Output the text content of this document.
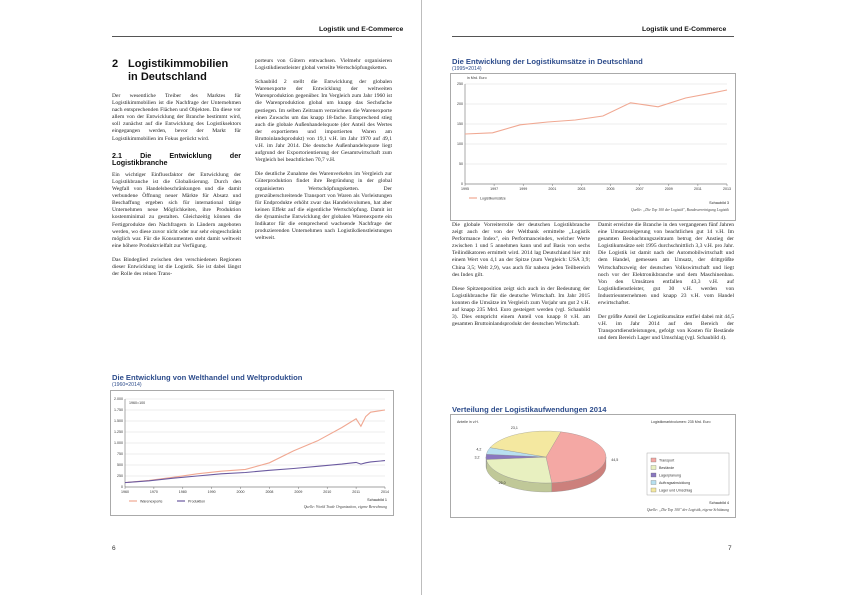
Logistik und E-Commerce
2 Logistikimmobilien in Deutschland

Der wesentliche Treiber des Marktes für Logistikimmobilien ist die Nachfrage der Unternehmen nach entsprechenden Flächen und Objekten. Da diese vor allem von der Entwicklung der Branche bestimmt wird, soll zunächst auf die Entwicklung des Logistiksektors eingegangen werden, bevor der Markt für Logistikimmobilien im Fokus gerückt wird.

2.1 Die Entwicklung der Logistikbranche

Ein wichtiger Einflussfaktor der Entwicklung der Logistikbranche ist die Globalisierung. Durch den Wegfall von Handelsbeschränkungen und die damit verbundene Öffnung neuer Märkte für Absatz und Beschaffung ergeben sich für international tätige Unternehmen neue Möglichkeiten, ihre Produktion kostenminimal zu gestalten. Gleichzeitig können die Fertigprodukte den Nachfragern in Ländern angeboten werden, wo diese zuvor nicht oder nur sehr eingeschränkt möglich war. Für die Konsumenten steht damit weltweit eine höhere Produktvielfalt zur Verfügung.

Das Bindeglied zwischen den verschiedenen Regionen dieser Entwicklung ist die Logistik. Sie ist dabei längst der Rolle des reinen Trans-

porteurs von Gütern entwachsen. Vielmehr organisieren Logistikdienstleister global verteilte Wertschöpfungsketten.

Schaubild 2 stellt die Entwicklung der globalen Warenexporte der Entwicklung der weltweiten Warenproduktion gegenüber. Im Vergleich zum Jahr 1960 ist die Warenproduktion global um knapp das Sechsfache gestiegen. Im selben Zeitraum verzeichnen die Warenexporte einen Zuwachs um das knapp 18-fache. Entsprechend stieg auch die globale Außenhandelsquote (der Anteil des Wertes der exportierten und importierten Waren am Bruttoinlandsprodukt) von 19,1 v.H. im Jahr 1970 auf 49,1 v.H. im Jahr 2014. Die deutsche Außenhandelsquote liegt aufgrund der Exportorientierung der Gesamtwirtschaft zum Vergleich bei beachtlichen 70,7 v.H.

Die deutliche Zunahme des Warenverkehrs im Vergleich zur Güterproduktion findet ihre Begründung in der global organisierten Wertschöpfungsketten. Der grenzüberschreitende Transport von Waren als Vorleistungen für Endprodukte erhöht zwar das Handelsvolumen, hat aber keinen Effekt auf die eigentliche Wertschöpfung. Damit ist die dynamische Entwicklung der globalen Warenexporte ein Indikator für die entsprechend wachsende Nachfrage der produzierenden Unternehmen nach Logistikdienstleistungen weltweit.

Die Entwicklung von Welthandel und Weltproduktion
(1960=2014)
0
250
500
750
1.000
1.250
1.500
1.750
2.000
1960	1970	1980	1990	2000	2008	2009	2010	2011	2014
Warenexporte	Produktion
1960=100
Schaubild 1
Quelle: World Trade Organization, eigene Berechnung
6
Logistik und E-Commerce
Die Entwicklung der Logistikumsätze in Deutschland
(1995=2014)
0
50
100
150
200
250
1995	1997	1999	2001	2003	2005	2007	2009	2011	2013
Logistikumsätze
in Mrd. Euro
Schaubild 3
Quelle: „Die Top 100 der Logistik", Bundesvereinigung Logistik

Die globale Vorreiterrolle der deutschen Logistikbranche zeigt auch der von der Weltbank ermittelte „Logistik Performance Index", ein Performanceindex, welcher Werte zwischen 1 und 5 annehmen kann und auf Basis von sechs Teilindikatoren ermittelt wird. 2014 lag Deutschland hier mit einem Wert von 4,1 an der Spitze (zum Vergleich: USA 3,9; China 3,5; Welt 2,9), was auch für nahezu jeden Teilbereich des Index gilt.

Diese Spitzenposition zeigt sich auch in der Bedeutung der Logistikbranche für die deutsche Wirtschaft. Im Jahr 2015 konnten die Umsätze im Vergleich zum Vorjahr um gut 2 v.H. auf knapp 235 Mrd. Euro gesteigert werden (vgl. Schaubild 3). Dies entspricht einem Anteil von knapp 8 v.H. am gesamten Bruttoinlandsprodukt der deutschen Wirtschaft.

Damit erreichte die Branche in den vergangenen fünf Jahren eine Umsatzsteigerung von beachtlichen gut 14 v.H. Im gesamten Beobachtungszeitraum betrug der Anstieg der Logistikumsätze seit 1995 durchschnittlich 3,3 v.H. pro Jahr. Die Logistik ist damit nach der Automobilwirtschaft und dem Handel, gemessen am Umsatz, der drittgrößte Wirtschaftszweig der deutschen Volkswirtschaft und liegt noch vor der Elektronikbranche und dem Maschinenbau. Von den Umsätzen entfallen 43,3 v.H. auf Logistikdienstleister, gut 30 v.H. werden von Industrieunternehmen und knapp 23 v.H. vom Handel erwirtschaftet.

Der größte Anteil der Logistikumsätze entfiel dabei mit 44,5 v.H. im Jahr 2014 auf den Bereich der Transportdienstleistungen, gefolgt von Kosten für Bestände und dem Bereich Lager und Umschlag (vgl. Schaubild 4).

Verteilung der Logistikaufwendungen 2014
Anteile in v.H.	Logistikmarktvolumen: 235 Mrd. Euro
44,5
25,0
3,2
4,2
23,1
Transport
Bestände
Lagerplanung
Auftragsabwicklung
Lager und Umschlag
Schaubild 4
Quelle: „Die Top 100" der Logistik, eigene Schätzung
7
